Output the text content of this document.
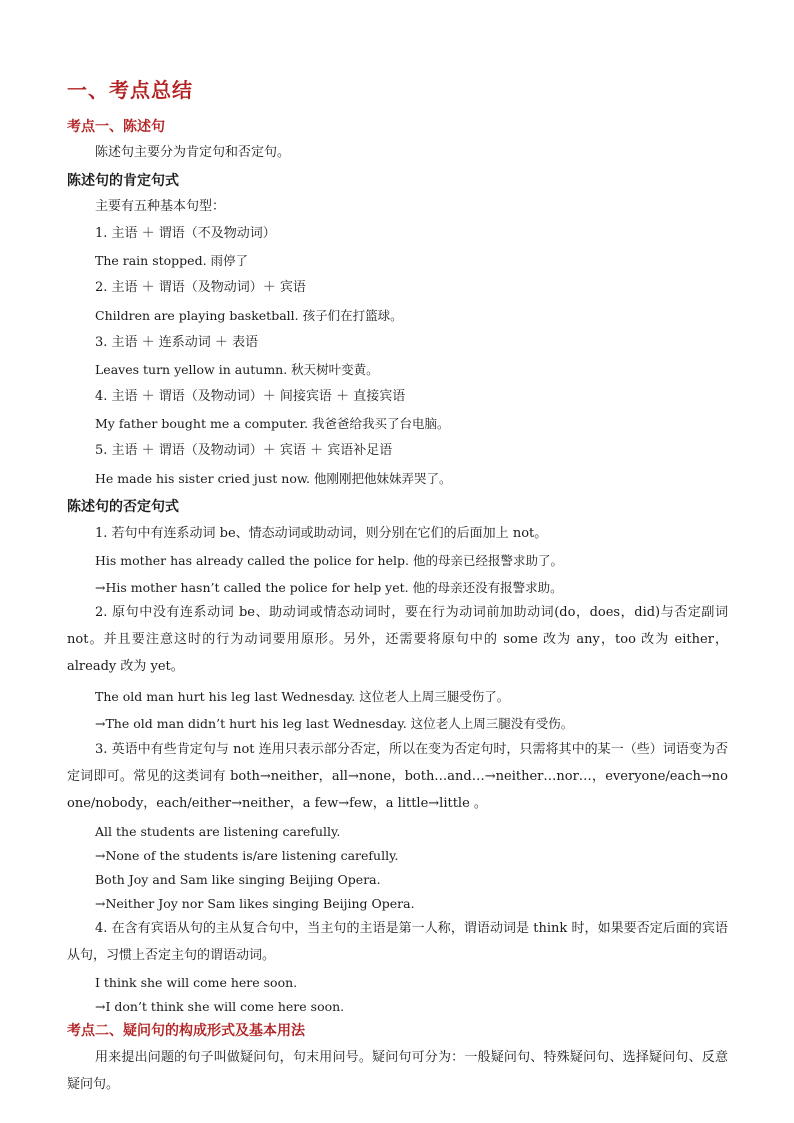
一、考点总结
考点一、陈述句
陈述句主要分为肯定句和否定句。
陈述句的肯定句式
主要有五种基本句型：
1. 主语 ＋ 谓语（不及物动词）
The rain stopped. 雨停了
2. 主语 ＋ 谓语（及物动词）＋ 宾语
Children are playing basketball. 孩子们在打篮球。
3. 主语 ＋ 连系动词 ＋ 表语
Leaves turn yellow in autumn. 秋天树叶变黄。
4. 主语 ＋ 谓语（及物动词）＋ 间接宾语 ＋ 直接宾语
My father bought me a computer. 我爸爸给我买了台电脑。
5. 主语 ＋ 谓语（及物动词）＋ 宾语 ＋ 宾语补足语
He made his sister cried just now. 他刚刚把他妹妹弄哭了。
陈述句的否定句式
1. 若句中有连系动词 be、情态动词或助动词，则分别在它们的后面加上 not。
His mother has already called the police for help. 他的母亲已经报警求助了。
→His mother hasn’t called the police for help yet. 他的母亲还没有报警求助。
2. 原句中没有连系动词 be、助动词或情态动词时，要在行为动词前加助动词(do，does，did)与否定副词 not。并且要注意这时的行为动词要用原形。另外，还需要将原句中的 some 改为 any，too 改为 either，already 改为 yet。
The old man hurt his leg last Wednesday. 这位老人上周三腿受伤了。
→The old man didn’t hurt his leg last Wednesday. 这位老人上周三腿没有受伤。
3. 英语中有些肯定句与 not 连用只表示部分否定，所以在变为否定句时，只需将其中的某一（些）词语变为否定词即可。常见的这类词有 both→neither，all→none，both…and…→neither…nor…，everyone/each→no one/nobody，each/either→neither，a few→few，a little→little 。
All the students are listening carefully.
→None of the students is/are listening carefully.
Both Joy and Sam like singing Beijing Opera.
→Neither Joy nor Sam likes singing Beijing Opera.
4. 在含有宾语从句的主从复合句中，当主句的主语是第一人称，谓语动词是 think 时，如果要否定后面的宾语从句，习惯上否定主句的谓语动词。
I think she will come here soon.
→I don’t think she will come here soon.
考点二、疑问句的构成形式及基本用法
用来提出问题的句子叫做疑问句，句末用问号。疑问句可分为：一般疑问句、特殊疑问句、选择疑问句、反意疑问句。
